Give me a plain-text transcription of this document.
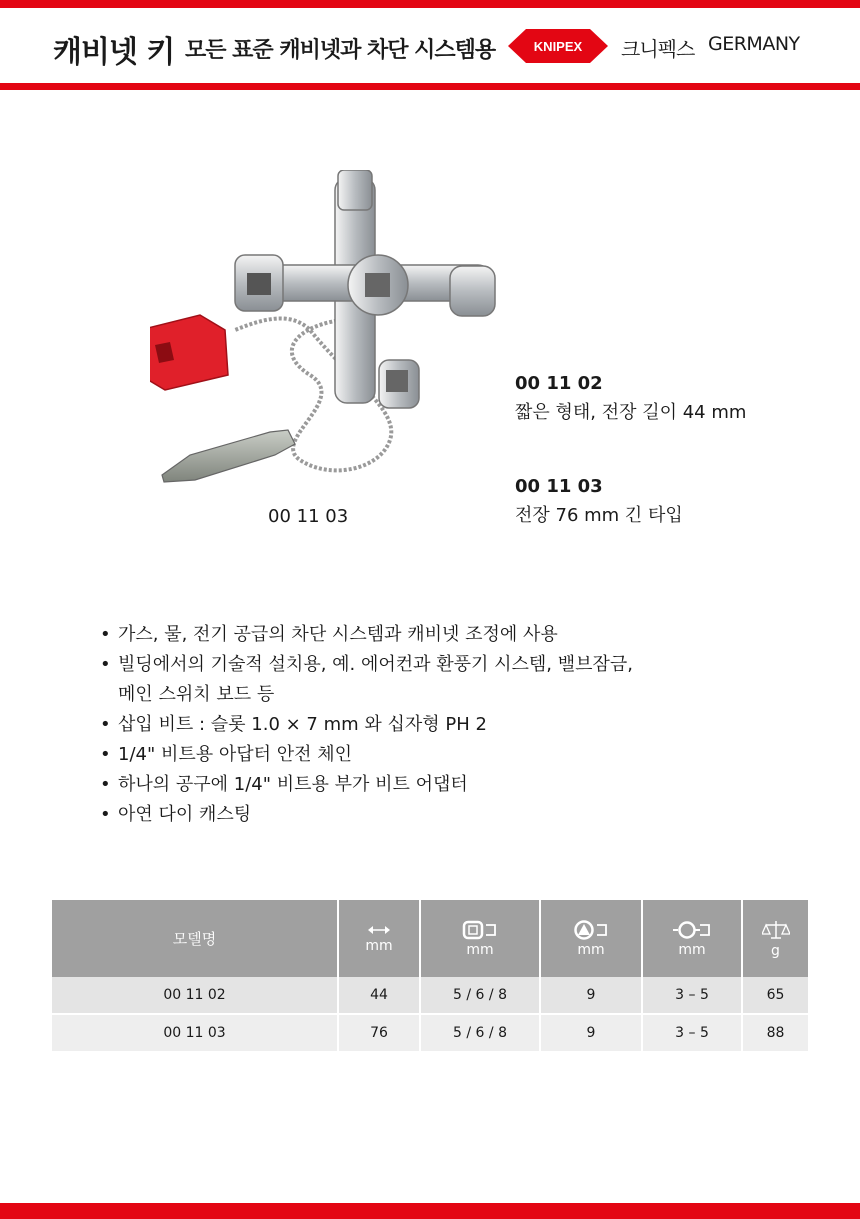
캐비넷 키 모든 표준 캐비넷과 차단 시스템용	KNIPEX 크니펙스 GERMANY
00 11 03
00 11 02
짧은 형태, 전장 길이 44 mm
00 11 03
전장 76 mm 긴 타입
• 가스, 물, 전기 공급의 차단 시스템과 캐비넷 조정에 사용
• 빌딩에서의 기술적 설치용, 예. 에어컨과 환풍기 시스템, 밸브잠금,
메인 스위치 보드 등
• 삽입 비트 : 슬롯 1.0 × 7 mm 와 십자형 PH 2
• 1/4" 비트용 아답터 안전 체인
• 하나의 공구에 1/4" 비트용 부가 비트 어댑터
• 아연 다이 캐스팅
모델명	mm	mm	mm	mm	g

00 11 02	44	5 / 6 / 8	9	3 – 5	65
00 11 03	76	5 / 6 / 8	9	3 – 5	88
